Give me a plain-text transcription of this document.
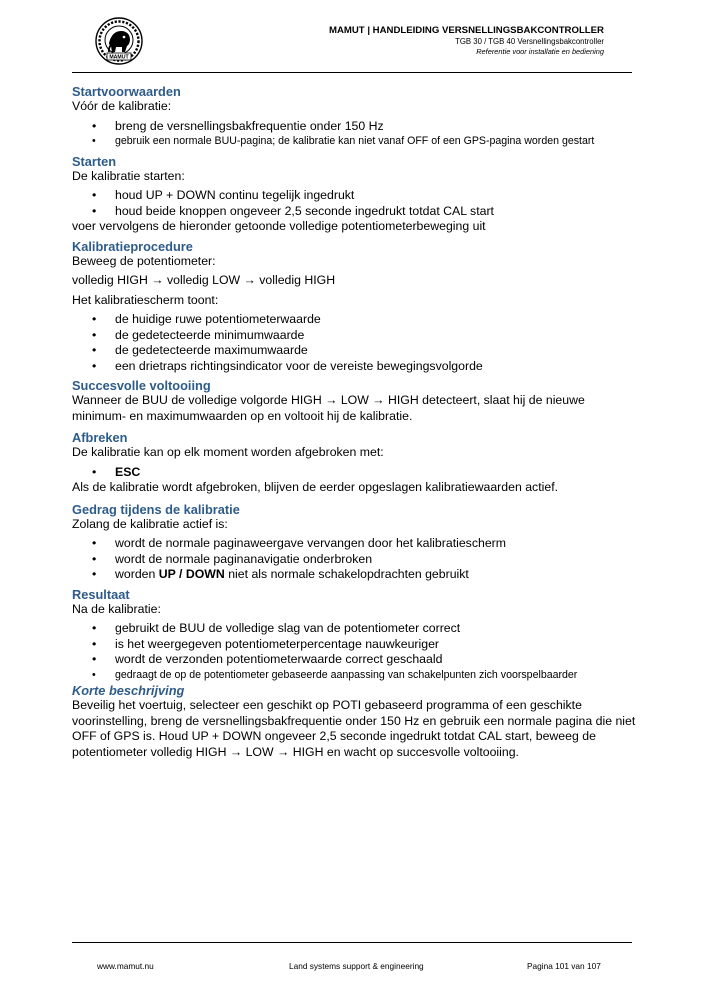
MAMUT
MAMUT | HANDLEIDING VERSNELLINGSBAKCONTROLLER
TGB 30 / TGB 40 Versnellingsbakcontroller
Referentie voor installatie en bediening
Startvoorwaarden

Vóór de kalibratie:

• breng de versnellingsbakfrequentie onder 150 Hz
• gebruik een normale BUU-pagina; de kalibratie kan niet vanaf OFF of een GPS-pagina worden gestart
Starten

De kalibratie starten:

• houd UP + DOWN continu tegelijk ingedrukt
• houd beide knoppen ongeveer 2,5 seconde ingedrukt totdat CAL start

voer vervolgens de hieronder getoonde volledige potentiometerbeweging uit

Kalibratieprocedure

Beweeg de potentiometer:

volledig HIGH → volledig LOW → volledig HIGH

Het kalibratiescherm toont:

• de huidige ruwe potentiometerwaarde
• de gedetecteerde minimumwaarde
• de gedetecteerde maximumwaarde
• een drietraps richtingsindicator voor de vereiste bewegingsvolgorde
Succesvolle voltooiing

Wanneer de BUU de volledige volgorde HIGH → LOW → HIGH detecteert, slaat hij de nieuwe minimum- en maximumwaarden op en voltooit hij de kalibratie.

Afbreken

De kalibratie kan op elk moment worden afgebroken met:

• ESC

Als de kalibratie wordt afgebroken, blijven de eerder opgeslagen kalibratiewaarden actief.

Gedrag tijdens de kalibratie

Zolang de kalibratie actief is:

• wordt de normale paginaweergave vervangen door het kalibratiescherm
• wordt de normale paginanavigatie onderbroken
• worden UP / DOWN niet als normale schakelopdrachten gebruikt
Resultaat

Na de kalibratie:

• gebruikt de BUU de volledige slag van de potentiometer correct
• is het weergegeven potentiometerpercentage nauwkeuriger
• wordt de verzonden potentiometerwaarde correct geschaald
• gedraagt de op de potentiometer gebaseerde aanpassing van schakelpunten zich voorspelbaarder
Korte beschrijving

Beveilig het voertuig, selecteer een geschikt op POTI gebaseerd programma of een geschikte voorinstelling, breng de versnellingsbakfrequentie onder 150 Hz en gebruik een normale pagina die niet OFF of GPS is. Houd UP + DOWN ongeveer 2,5 seconde ingedrukt totdat CAL start, beweeg de potentiometer volledig HIGH → LOW → HIGH en wacht op succesvolle voltooiing.

www.mamut.nu	Land systems support & engineering	Pagina 101 van 107
